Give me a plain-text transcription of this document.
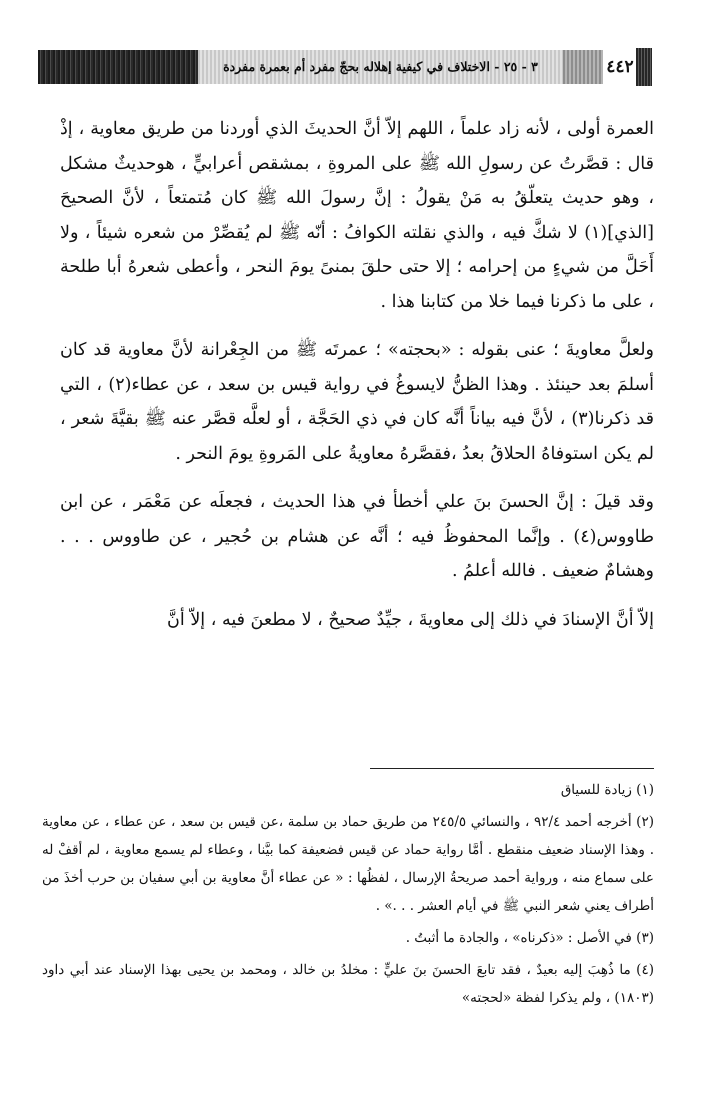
٣ - ٢٥ - الاختلاف في كيفية إهلاله بحجّ مفرد أم بعمرة مفردة	٤٤٢

العمرة أولى ، لأنه زاد علماً ، اللهم إلاّ أنَّ الحديثَ الذي أوردنا من طريق معاوية ، إذْ قال : قصَّرتُ عن رسولِ الله ﷺ على المروةِ ، بمشقص أعرابيٍّ ، هوحديثٌ مشكل ، وهو حديث يتعلّقُ به مَنْ يقولُ : إنَّ رسولَ الله ﷺ كان مُتمتعاً ، لأنَّ الصحيحَ [الذي](١) لا شكَّ فيه ، والذي نقلته الكوافُ : أنّه ﷺ لم يُقصِّرْ من شعره شيئاً ، ولا أَحَلَّ من شيءٍ من إحرامه ؛ إلا حتى حلقَ بمنىً يومَ النحر ، وأعطى شعرهُ أبا طلحة ، على ما ذكرنا فيما خلا من كتابنا هذا .

ولعلَّ معاويةَ ؛ عنى بقوله : «بحجته» ؛ عمرتَه ﷺ من الجِعْرانة لأنَّ معاوية قد كان أسلمَ بعد حينئذ . وهذا الظنُّ لايسوغُ في رواية قيس بن سعد ، عن عطاء(٢) ، التي قد ذكرنا(٣) ، لأنَّ فيه بياناً أنَّه كان في ذي الحَجَّة ، أو لعلَّه قصَّر عنه ﷺ بقيَّةَ شعر ، لم يكن استوفاهُ الحلاقُ بعدُ ،فقصَّرهُ معاويةُ على المَروةِ يومَ النحر .

وقد قيلَ : إنَّ الحسنَ بنَ علي أخطأ في هذا الحديث ، فجعلَه عن مَعْمَر ، عن ابن طاووس(٤) . وإنَّما المحفوظُ فيه ؛ أنَّه عن هشام بن حُجير ، عن طاووس . . . وهشامٌ ضعيف . فالله أعلمُ .

إلاّ أنَّ الإسنادَ في ذلك إلى معاويةَ ، جيِّدٌ صحيحٌ ، لا مطعنَ فيه ، إلاّ أنَّ

(١) زيادة للسياق

(٢) أخرجه أحمد ٩٢/٤ ، والنسائي ٢٤٥/٥ من طريق حماد بن سلمة ،عن قيس بن سعد ، عن عطاء ، عن معاوية . وهذا الإسناد ضعيف منقطع . أمَّا رواية حماد عن قيس فضعيفة كما بيَّنا ، وعطاء لم يسمع معاوية ، لم أقفْ له على سماع منه ، ورواية أحمد صريحةُ الإرسال ، لفظُها : « عن عطاء أنَّ معاوية بن أبي سفيان بن حرب أخذَ من أطراف يعني شعر النبي ﷺ في أيام العشر . . .» .

(٣) في الأصل : «ذكرناه» ، والجادة ما أثبتُ .

(٤) ما ذُهِبَ إليه بعيدٌ ، فقد تابعَ الحسنَ بنَ عليٍّ : مخلدُ بن خالد ، ومحمد بن يحيى بهذا الإسناد عند أبي داود (١٨٠٣) ، ولم يذكرا لفظة «لحجته»
